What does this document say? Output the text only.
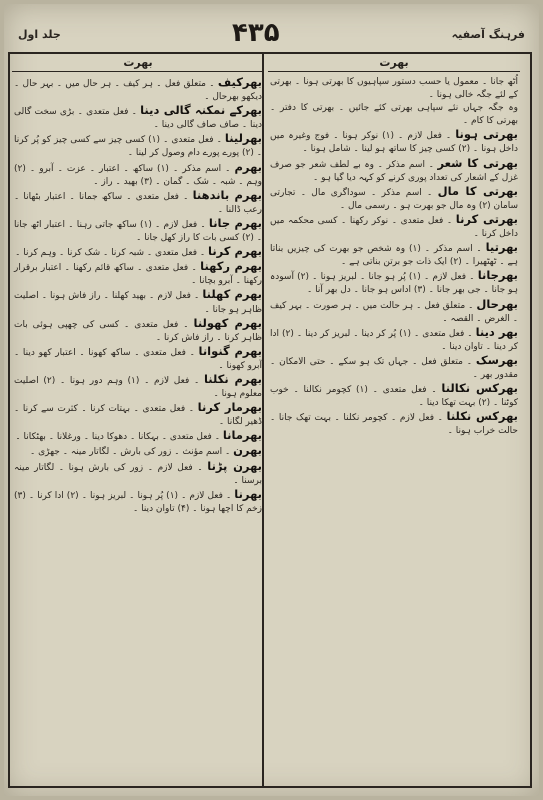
جلد اول	۴۳۵	فرہنگ آصفیہ
بھرت

بھرکیف ۔ متعلق فعل ۔ ہر کیف ۔ ہر حال میں ۔ بہر حال ۔ دیکھو بھرحال ۔

بھرکے نمکنہ گالی دینا ۔ فعل متعدی ۔ بڑی سخت گالی دینا ۔ صاف صاف گالی دینا ۔

بھرلینا ۔ فعل متعدی ۔ (۱) کسی چیز سے کسی چیز کو پُر کرنا ۔ (۲) پورے پورے دام وصول کر لینا ۔

بھرم ۔ اسم مذکر ۔ (۱) ساکھ ۔ اعتبار ۔ عزت ۔ آبرو ۔ (۲) وہم ۔ شبہ ۔ شک ۔ گمان ۔ (۳) بھید ۔ راز ۔

بھرم باندھنا ۔ فعل متعدی ۔ ساکھ جمانا ۔ اعتبار بٹھانا ۔ رعب ڈالنا ۔

بھرم جانا ۔ فعل لازم ۔ (۱) ساکھ جاتی رہنا ۔ اعتبار اٹھ جانا ۔ (۲) کسی بات کا راز کھل جانا ۔

بھرم کرنا ۔ فعل متعدی ۔ شبہ کرنا ۔ شک کرنا ۔ وہم کرنا ۔

بھرم رکھنا ۔ فعل متعدی ۔ ساکھ قائم رکھنا ۔ اعتبار برقرار رکھنا ۔ آبرو بچانا ۔

بھرم کھلنا ۔ فعل لازم ۔ بھید کھلنا ۔ راز فاش ہونا ۔ اصلیت ظاہر ہو جانا ۔

بھرم کھولنا ۔ فعل متعدی ۔ کسی کی چھپی ہوئی بات ظاہر کرنا ۔ راز فاش کرنا ۔

بھرم گنوانا ۔ فعل متعدی ۔ ساکھ کھونا ۔ اعتبار کھو دینا ۔ آبرو کھونا ۔

بھرم نکلنا ۔ فعل لازم ۔ (۱) وہم دور ہونا ۔ (۲) اصلیت معلوم ہونا ۔

بھرمار کرنا ۔ فعل متعدی ۔ بہتات کرنا ۔ کثرت سے کرنا ۔ ڈھیر لگانا ۔

بھرمانا ۔ فعل متعدی ۔ بہکانا ۔ دھوکا دینا ۔ ورغلانا ۔ بھٹکانا ۔

بھرن ۔ اسم مؤنث ۔ زور کی بارش ۔ لگاتار مینہ ۔ جھڑی ۔

بھرن پڑنا ۔ فعل لازم ۔ زور کی بارش ہونا ۔ لگاتار مینہ برسنا ۔

بھرنا ۔ فعل لازم ۔ (۱) پُر ہونا ۔ لبریز ہونا ۔ (۲) ادا کرنا ۔ (۳) زخم کا اچھا ہونا ۔ (۴) تاوان دینا ۔

بھرت

اُٹھ جانا ۔ معمول یا حسب دستور سپاہیوں کا بھرتی ہونا ۔ بھرتی کے لئے جگہ خالی ہونا ۔

وہ جگہ جہاں نئے سپاہی بھرتی کئے جائیں ۔ بھرتی کا دفتر ۔ بھرتی کا کام ۔

بھرتی ہونا ۔ فعل لازم ۔ (۱) نوکر ہونا ۔ فوج وغیرہ میں داخل ہونا ۔ (۲) کسی چیز کا ساتھ ہو لینا ۔ شامل ہونا ۔

بھرتی کا شعر ۔ اسم مذکر ۔ وہ بے لطف شعر جو صرف غزل کے اشعار کی تعداد پوری کرنے کو کہہ دیا گیا ہو ۔

بھرتی کا مال ۔ اسم مذکر ۔ سوداگری مال ۔ تجارتی سامان (۲) وہ مال جو بھرت ہو ۔ رسمی مال ۔

بھرتی کرنا ۔ فعل متعدی ۔ نوکر رکھنا ۔ کسی محکمہ میں داخل کرنا ۔

بھرتیا ۔ اسم مذکر ۔ (۱) وہ شخص جو بھرت کی چیزیں بناتا ہے ۔ ٹھٹھیرا ۔ (۲) ایک ذات جو برتن بناتی ہے ۔

بھرجانا ۔ فعل لازم ۔ (۱) پُر ہو جانا ۔ لبریز ہونا ۔ (۲) آسودہ ہو جانا ۔ جی بھر جانا ۔ (۳) اداس ہو جانا ۔ دل بھر آنا ۔

بھرحال ۔ متعلق فعل ۔ ہر حالت میں ۔ ہر صورت ۔ بہر کیف ۔ الغرض ۔ القصہ ۔

بھر دینا ۔ فعل متعدی ۔ (۱) پُر کر دینا ۔ لبریز کر دینا ۔ (۲) ادا کر دینا ۔ تاوان دینا ۔

بھرسک ۔ متعلق فعل ۔ جہاں تک ہو سکے ۔ حتی الامکان ۔ مقدور بھر ۔

بھرکس نکالنا ۔ فعل متعدی ۔ (۱) کچومر نکالنا ۔ خوب کوٹنا ۔ (۲) بہت تھکا دینا ۔

بھرکس نکلنا ۔ فعل لازم ۔ کچومر نکلنا ۔ بہت تھک جانا ۔ حالت خراب ہونا ۔
